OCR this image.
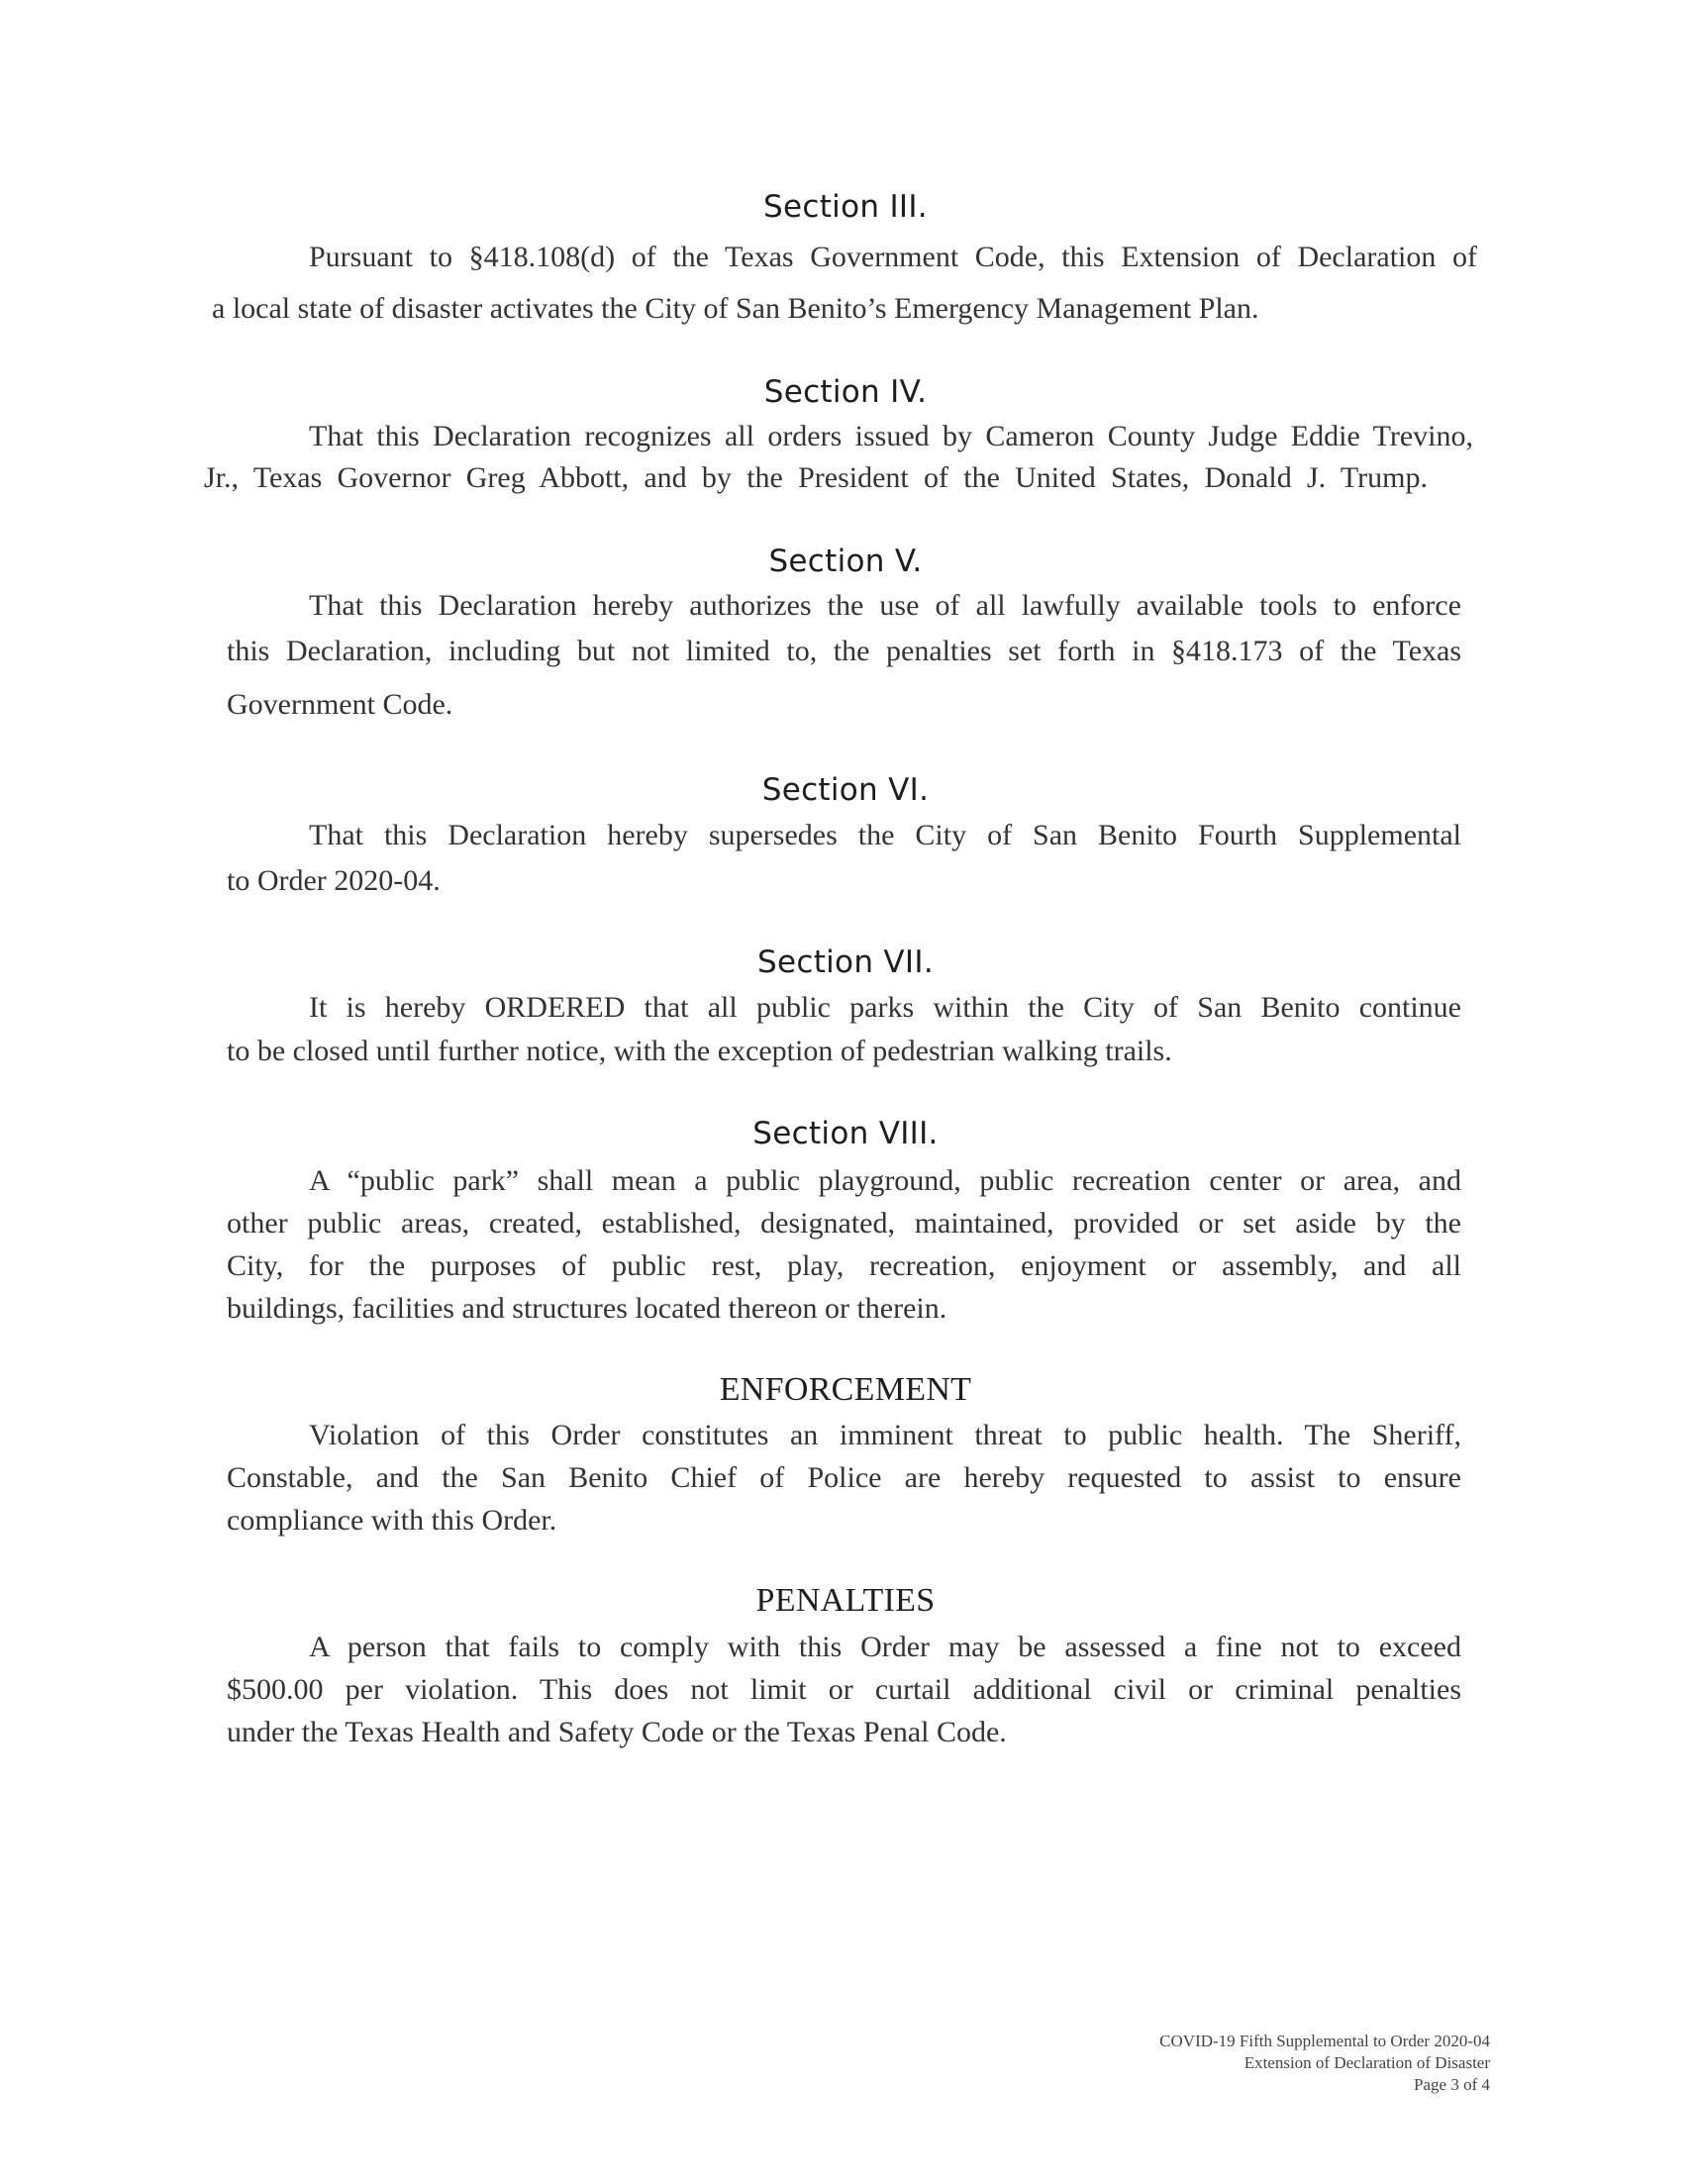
Section III.

Pursuant to §418.108(d) of the Texas Government Code, this Extension of Declaration of

a local state of disaster activates the City of San Benito’s Emergency Management Plan.

Section IV.

That this Declaration recognizes all orders issued by Cameron County Judge Eddie Trevino,

Jr., Texas Governor Greg Abbott, and by the President of the United States, Donald J. Trump.

Section V.

That this Declaration hereby authorizes the use of all lawfully available tools to enforce

this Declaration, including but not limited to, the penalties set forth in §418.173 of the Texas

Government Code.

Section VI.

That this Declaration hereby supersedes the City of San Benito Fourth Supplemental

to Order 2020-04.

Section VII.

It is hereby ORDERED that all public parks within the City of San Benito continue

to be closed until further notice, with the exception of pedestrian walking trails.

Section VIII.

A “public park” shall mean a public playground, public recreation center or area, and

other public areas, created, established, designated, maintained, provided or set aside by the

City, for the purposes of public rest, play, recreation, enjoyment or assembly, and all

buildings, facilities and structures located thereon or therein.

ENFORCEMENT

Violation of this Order constitutes an imminent threat to public health. The Sheriff,

Constable, and the San Benito Chief of Police are hereby requested to assist to ensure

compliance with this Order.

PENALTIES

A person that fails to comply with this Order may be assessed a fine not to exceed

$500.00 per violation. This does not limit or curtail additional civil or criminal penalties

under the Texas Health and Safety Code or the Texas Penal Code.

COVID-19 Fifth Supplemental to Order 2020-04
Extension of Declaration of Disaster
Page 3 of 4
